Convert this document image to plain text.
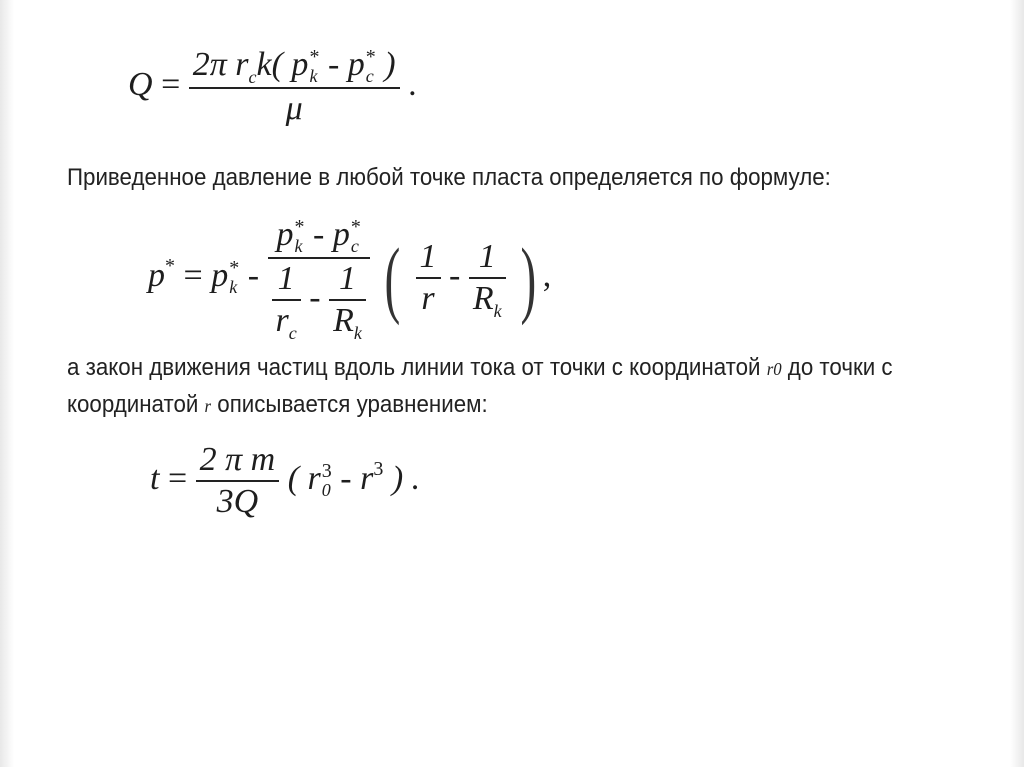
Q = 2π $r_ck$( p *
k - p *
c )
μ .
Приведенное давление в любой точке пласта определяется по формуле:
p* = p *
k -
p *
k - p *
c
$\frac{1}{r_c} - \frac{1}{R_k}$ ( $\frac{1}{r} - \frac{1}{R_k}$ ) ,
а закон движения частиц вдоль линии тока от точки с координатой r0 до точки с координатой r описывается уравнением:
$t = \frac{\text{2 π m}}{3Q}$ ( r 3
$0 - r^3$ ) .
